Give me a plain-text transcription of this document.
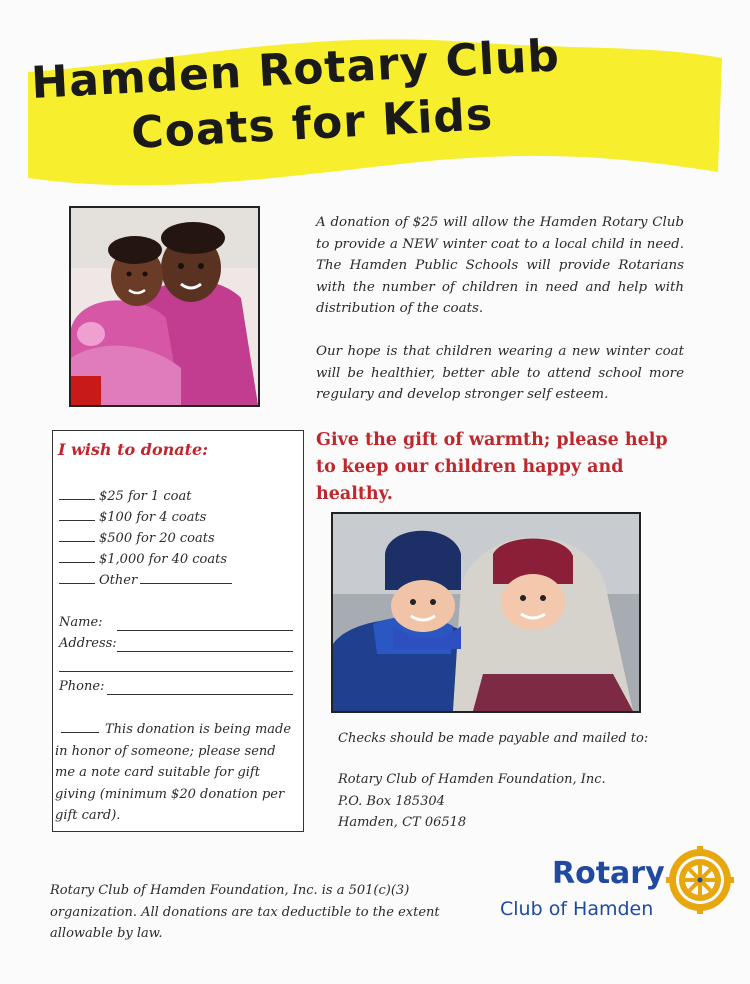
Hamden Rotary Club
Coats for Kids
A donation of $25 will allow the Hamden Rotary Club to provide a NEW winter coat to a local child in need. The Hamden Public Schools will provide Rotarians with the number of children in need and help with distribution of the coats.
Our hope is that children wearing a new winter coat will be healthier, better able to attend school more regulary and develop stronger self esteem.
I wish to donate:
$25 for 1 coat
$100 for 4 coats
$500 for 20 coats
$1,000 for 40 coats
Other
Name:
Address:
Phone:
This donation is being made in honor of someone; please send me a note card suitable for gift giving (minimum $20 donation per gift card).
Give the gift of warmth; please help to keep our children happy and healthy.
Checks should be made payable and mailed to:
Rotary Club of Hamden Foundation, Inc.
P.O. Box 185304
Hamden, CT 06518
Rotary Club of Hamden Foundation, Inc. is a 501(c)(3) organization. All donations are tax deductible to the extent allowable by law.
Rotary
Club of Hamden
